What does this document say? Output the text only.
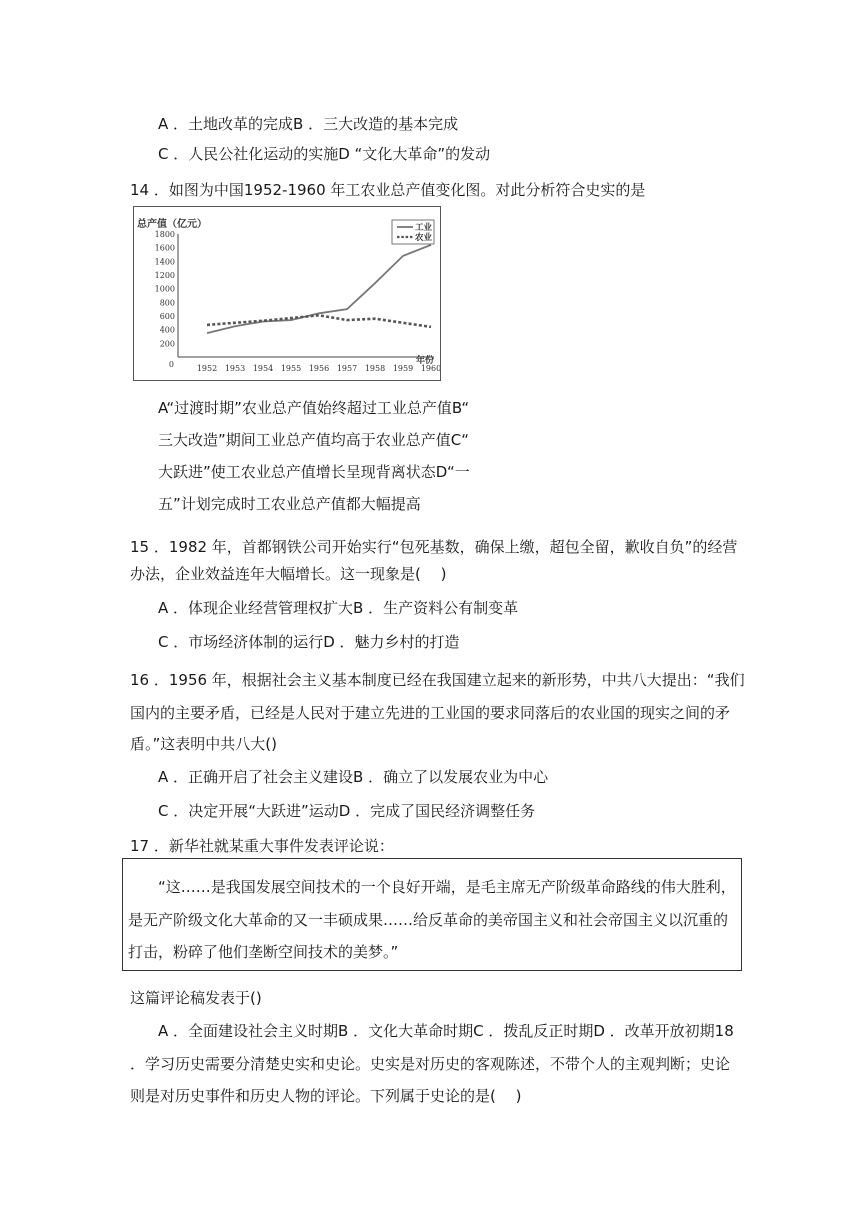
A ．土地改革的完成B ．三大改造的基本完成
C ．人民公社化运动的实施D “文化大革命”的发动
14 ．如图为中国1952-1960 年工农业总产值变化图。对此分析符合史实的是
总产值（亿元）
年份
0
200
400
600
800
1000
1200
1400
1600
1800
1952 1953 1954 1955 1956 1957 1958 1959 1960
工业
农业
A“过渡时期”农业总产值始终超过工业总产值B“
三大改造”期间工业总产值均高于农业总产值C“
大跃进”使工农业总产值增长呈现背离状态D“一
五”计划完成时工农业总产值都大幅提高
15 ．1982 年，首都钢铁公司开始实行“包死基数，确保上缴，超包全留，歉收自负”的经营
办法，企业效益连年大幅增长。这一现象是(　 )
A ．体现企业经营管理权扩大B ．生产资料公有制变革
C ．市场经济体制的运行D ．魅力乡村的打造
16 ．1956 年，根据社会主义基本制度已经在我国建立起来的新形势，中共八大提出：“我们
国内的主要矛盾，已经是人民对于建立先进的工业国的要求同落后的农业国的现实之间的矛
盾。”这表明中共八大()
A ．正确开启了社会主义建设B ．确立了以发展农业为中心
C ．决定开展“大跃进”运动D ．完成了国民经济调整任务
17 ．新华社就某重大事件发表评论说：
“这……是我国发展空间技术的一个良好开端，是毛主席无产阶级革命路线的伟大胜利，
是无产阶级文化大革命的又一丰硕成果……给反革命的美帝国主义和社会帝国主义以沉重的
打击，粉碎了他们垄断空间技术的美梦。”
这篇评论稿发表于()
A ．全面建设社会主义时期B ．文化大革命时期C ．拨乱反正时期D ．改革开放初期18
．学习历史需要分清楚史实和史论。史实是对历史的客观陈述，不带个人的主观判断；史论
则是对历史事件和历史人物的评论。下列属于史论的是(　 )
